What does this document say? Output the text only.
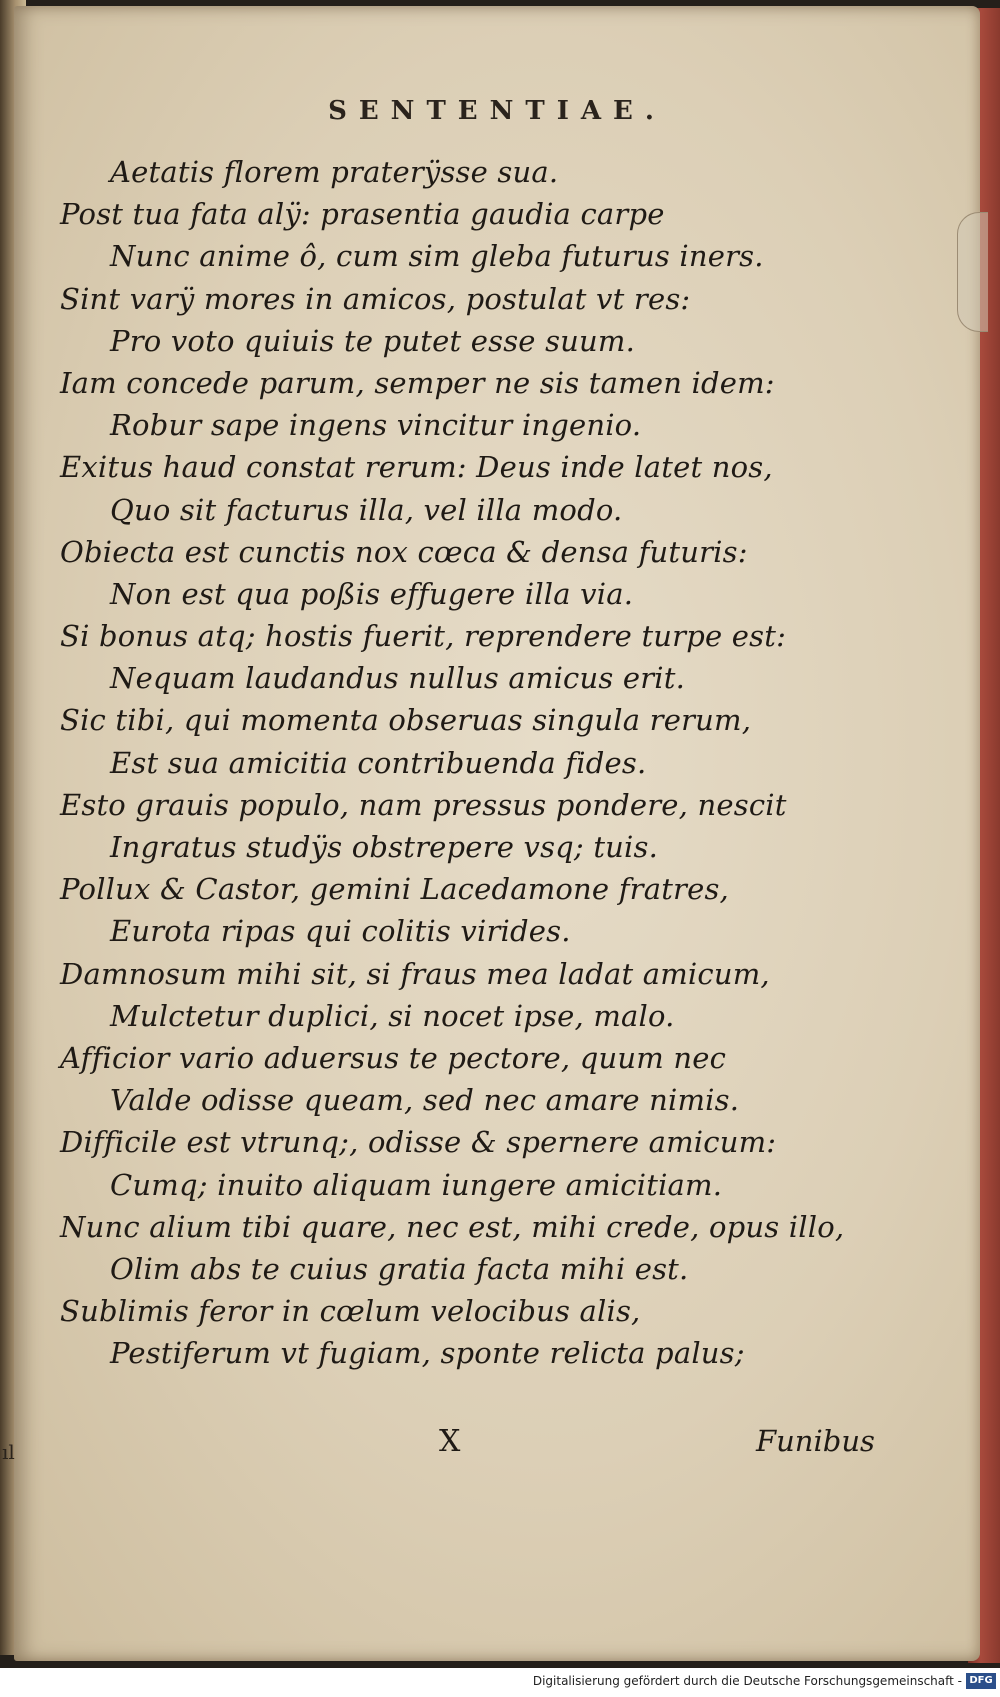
SENTENTIAE.
Aetatis florem praterÿsse sua.
Post tua fata alÿ: prasentia gaudia carpe
Nunc anime ô, cum sim gleba futurus iners.
Sint varÿ mores in amicos, postulat vt res:
Pro voto quiuis te putet esse suum.
Iam concede parum, semper ne sis tamen idem:
Robur sape ingens vincitur ingenio.
Exitus haud constat rerum: Deus inde latet nos,
Quo sit facturus illa, vel illa modo.
Obiecta est cunctis nox cœca & densa futuris:
Non est qua poßis effugere illa via.
Si bonus atq; hostis fuerit, reprendere turpe est:
Nequam laudandus nullus amicus erit.
Sic tibi, qui momenta obseruas singula rerum,
Est sua amicitia contribuenda fides.
Esto grauis populo, nam pressus pondere, nescit
Ingratus studÿs obstrepere vsq; tuis.
Pollux & Castor, gemini Lacedamone fratres,
Eurota ripas qui colitis virides.
Damnosum mihi sit, si fraus mea ladat amicum,
Mulctetur duplici, si nocet ipse, malo.
Afficior vario aduersus te pectore, quum nec
Valde odisse queam, sed nec amare nimis.
Difficile est vtrunq;, odisse & spernere amicum:
Cumq; inuito aliquam iungere amicitiam.
Nunc alium tibi quare, nec est, mihi crede, opus illo,
Olim abs te cuius gratia facta mihi est.
Sublimis feror in cœlum velocibus alis,
Pestiferum vt fugiam, sponte relicta palus;
X	Funibus
ıl
Digitalisierung gefördert durch die Deutsche Forschungsgemeinschaft - DFG
